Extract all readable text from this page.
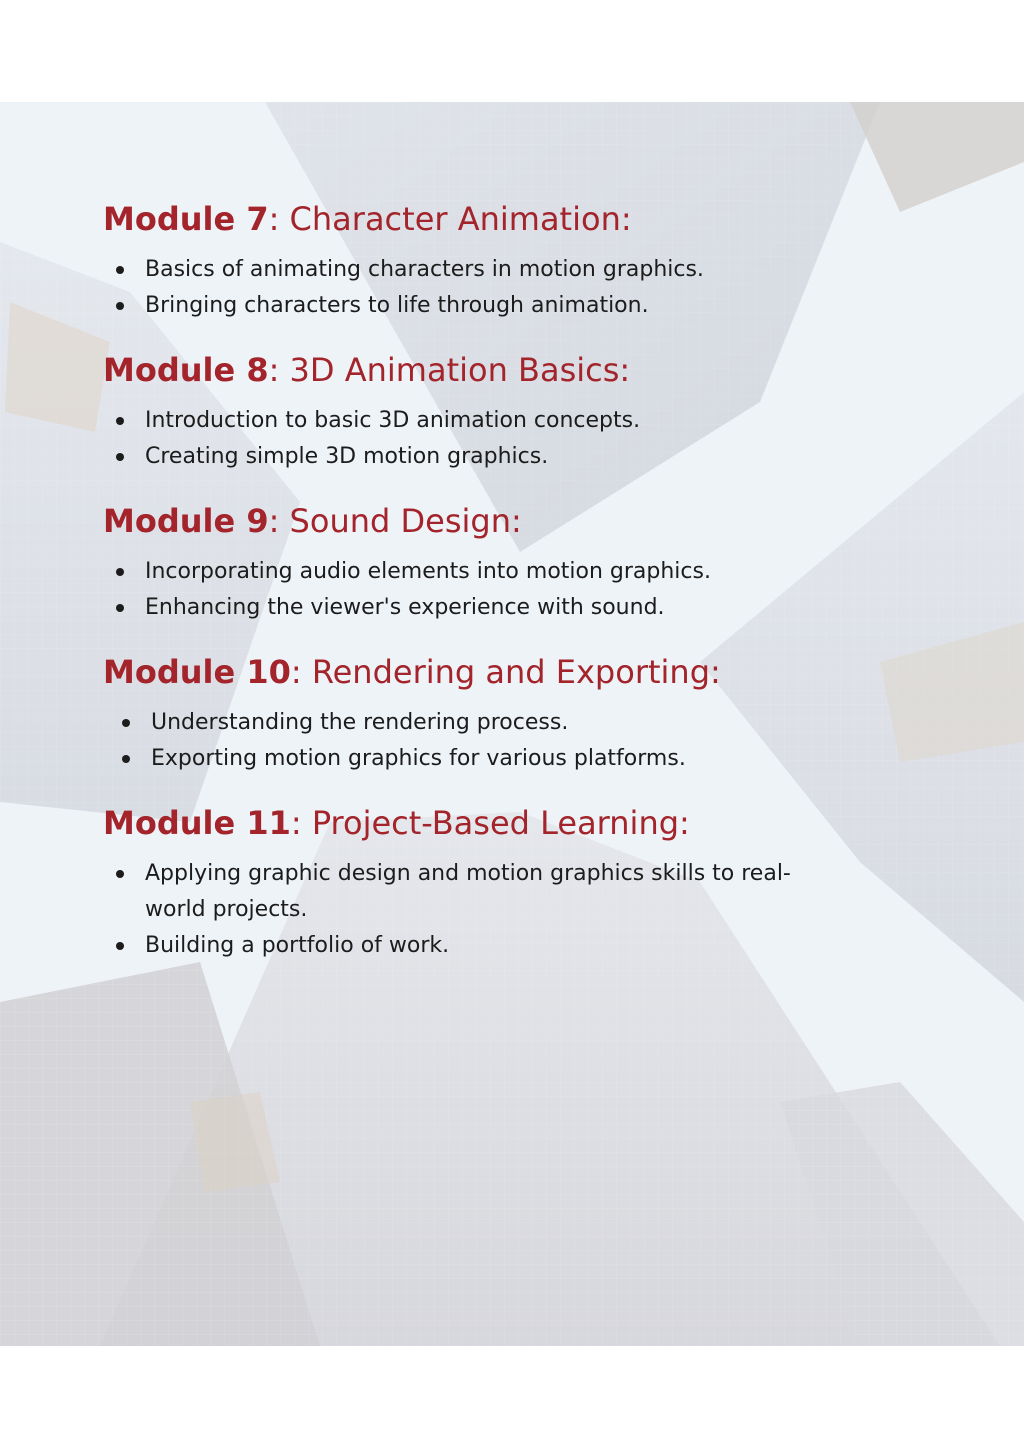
Module 7: Character Animation:
Basics of animating characters in motion graphics.
Bringing characters to life through animation.
Module 8: 3D Animation Basics:
Introduction to basic 3D animation concepts.
Creating simple 3D motion graphics.
Module 9: Sound Design:
Incorporating audio elements into motion graphics.
Enhancing the viewer's experience with sound.
Module 10: Rendering and Exporting:
Understanding the rendering process.
Exporting motion graphics for various platforms.
Module 11: Project-Based Learning:
Applying graphic design and motion graphics skills to real-world projects.
Building a portfolio of work.
